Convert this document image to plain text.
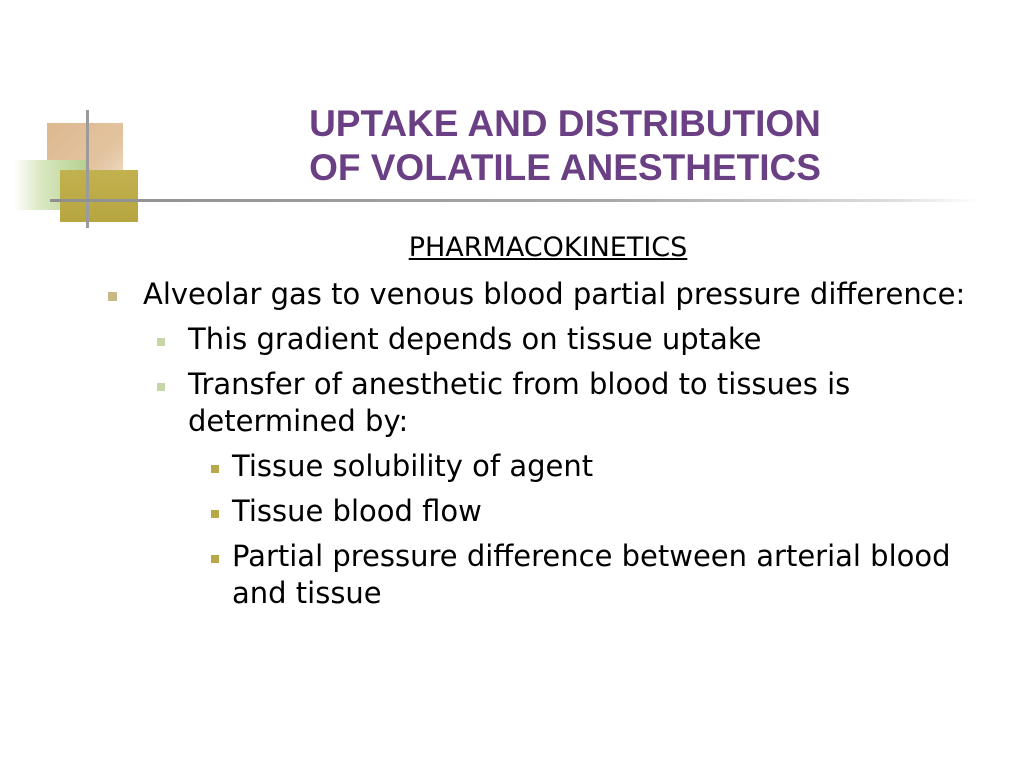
UPTAKE AND DISTRIBUTION
OF VOLATILE ANESTHETICS
PHARMACOKINETICS
Alveolar gas to venous blood partial pressure difference:
This gradient depends on tissue uptake
Transfer of anesthetic from blood to tissues is determined by:
Tissue solubility of agent
Tissue blood flow
Partial pressure difference between arterial blood and tissue
